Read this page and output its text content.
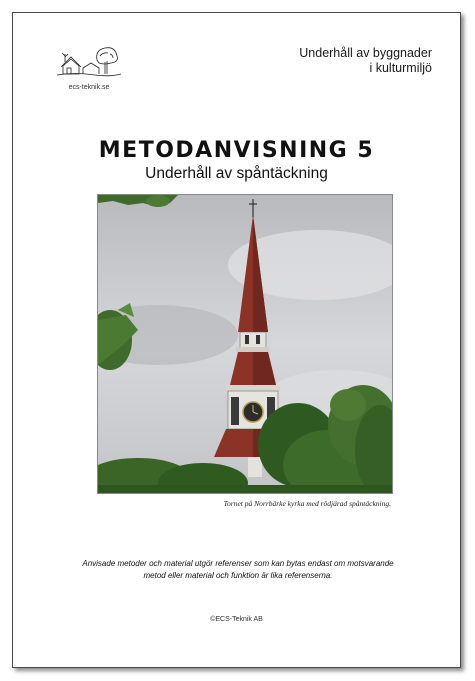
ecs-teknik.se
Underhåll av byggnader
i kulturmiljö
METODANVISNING 5
Underhåll av spåntäckning
Tornet på Norrbärke kyrka med rödjärad spåntäckning.
Anvisade metoder och material utgör referenser som kan bytas endast om motsvarande metod eller material och funktion är lika referenserna.
©ECS-Teknik AB
